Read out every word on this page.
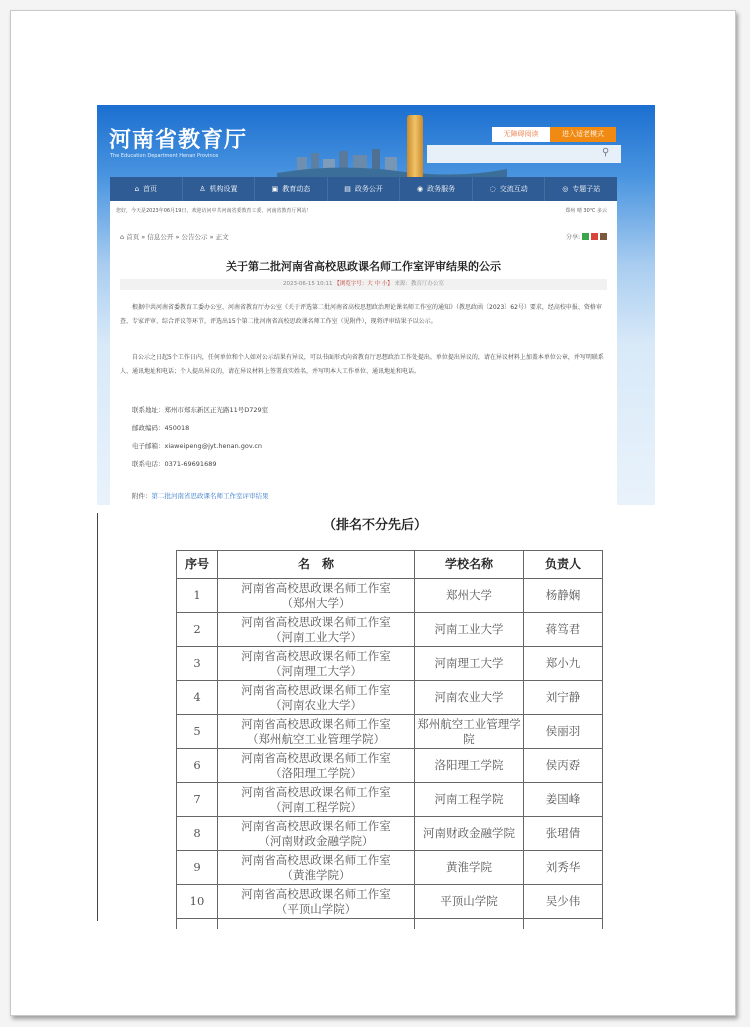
河南省教育厅
The Education Department Henan Province
无障碍阅读	进入适老模式
⚲
⌂ 首页	♙ 机构设置	▣ 教育动态	▤ 政务公开	◉ 政务服务	◌ 交流互动	◎ 专题子站
您好，今天是2023年06月19日，欢迎访问中共河南省委教育工委、河南省教育厅网站！	郑州 晴 30℃ 多云
⌂ 首页 » 信息公开 » 公告公示 » 正文	分享:
关于第二批河南省高校思政课名师工作室评审结果的公示
2023-06-15 10:11 【浏览字号：大 中 小】 来源：教育厅办公室
根据中共河南省委教育工委办公室、河南省教育厅办公室《关于评选第二批河南省高校思想政治理论课名师工作室的通知》（教思政函〔2023〕62号）要求，经高校申报、资格审查、专家评审、综合评议等环节，评选出15个第二批河南省高校思政课名师工作室（见附件），现将评审结果予以公示。
自公示之日起5个工作日内，任何单位和个人如对公示结果有异议，可以书面形式向省教育厅思想政治工作处提出。单位提出异议的，请在异议材料上加盖本单位公章，并写明联系人、通讯地址和电话；个人提出异议的，请在异议材料上签署真实姓名，并写明本人工作单位、通讯地址和电话。
联系地址：郑州市郑东新区正光路11号D729室
邮政编码：450018
电子邮箱：xiaweipeng@jyt.henan.gov.cn
联系电话：0371-69691689
附件：第二批河南省思政课名师工作室评审结果
（排名不分先后）
序号	名　称	学校名称	负责人
1	河南省高校思政课名师工作室
（郑州大学）	郑州大学	杨静娴
2	河南省高校思政课名师工作室
（河南工业大学）	河南工业大学	蒋笃君
3	河南省高校思政课名师工作室
（河南理工大学）	河南理工大学	郑小九
4	河南省高校思政课名师工作室
（河南农业大学）	河南农业大学	刘宁静
5	河南省高校思政课名师工作室
（郑州航空工业管理学院）	郑州航空工业管理学院	侯丽羽
6	河南省高校思政课名师工作室
（洛阳理工学院）	洛阳理工学院	侯丙孬
7	河南省高校思政课名师工作室
（河南工程学院）	河南工程学院	姜国峰
8	河南省高校思政课名师工作室
（河南财政金融学院）	河南财政金融学院	张珺倩
9	河南省高校思政课名师工作室
（黄淮学院）	黄淮学院	刘秀华
10	河南省高校思政课名师工作室
（平顶山学院）	平顶山学院	吴少伟
